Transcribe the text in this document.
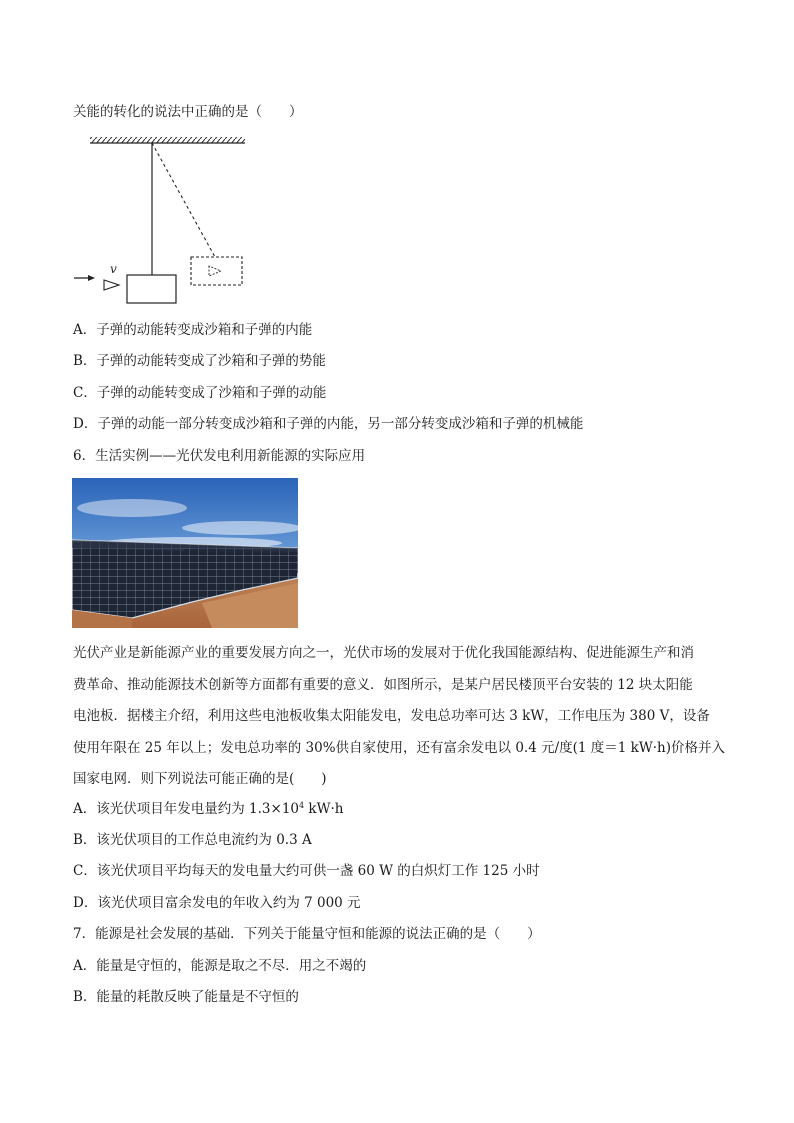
关能的转化的说法中正确的是（　　）
v
A．子弹的动能转变成沙箱和子弹的内能
B．子弹的动能转变成了沙箱和子弹的势能
C．子弹的动能转变成了沙箱和子弹的动能
D．子弹的动能一部分转变成沙箱和子弹的内能，另一部分转变成沙箱和子弹的机械能
6．生活实例——光伏发电利用新能源的实际应用
光伏产业是新能源产业的重要发展方向之一，光伏市场的发展对于优化我国能源结构、促进能源生产和消
费革命、推动能源技术创新等方面都有重要的意义．如图所示，是某户居民楼顶平台安装的 12 块太阳能
电池板．据楼主介绍，利用这些电池板收集太阳能发电，发电总功率可达 3 kW，工作电压为 380 V，设备
使用年限在 25 年以上；发电总功率的 30%供自家使用，还有富余发电以 0.4 元/度(1 度＝1 kW·h)价格并入
国家电网．则下列说法可能正确的是(　　)
A．该光伏项目年发电量约为 $1.3\times 10^4$ kW·h
B．该光伏项目的工作总电流约为 0.3 A
C．该光伏项目平均每天的发电量大约可供一盏 60 W 的白炽灯工作 125 小时
D．该光伏项目富余发电的年收入约为 7 000 元
7．能源是社会发展的基础．下列关于能量守恒和能源的说法正确的是（　　）
A．能量是守恒的，能源是取之不尽．用之不竭的
B．能量的耗散反映了能量是不守恒的
